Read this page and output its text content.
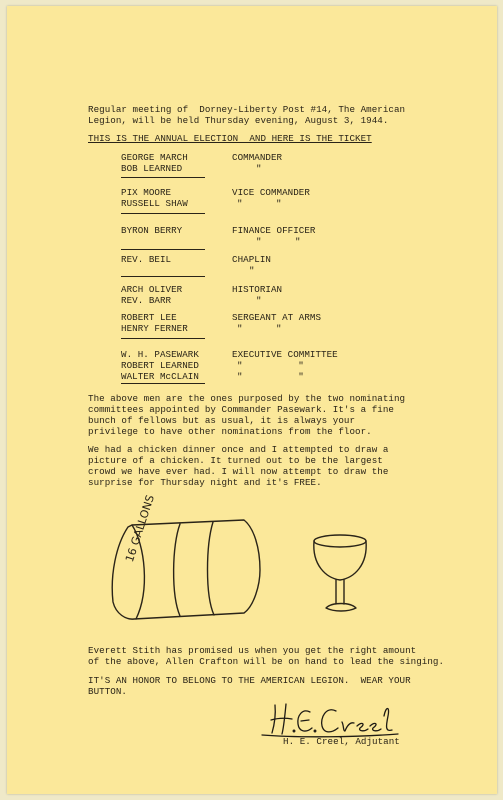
Regular meeting of  Dorney-Liberty Post #14, The American
Legion, will be held Thursday evening, August 3, 1944.
THIS IS THE ANNUAL ELECTION  AND HERE IS THE TICKET
GEORGE MARCH
BOB LEARNED
COMMANDER
"
PIX MOORE
RUSSELL SHAW
VICE COMMANDER
"      "
BYRON BERRY	FINANCE OFFICER
"      "
REV. BEIL	CHAPLIN
"
ARCH OLIVER
REV. BARR
HISTORIAN
"
ROBERT LEE
HENRY FERNER
SERGEANT AT ARMS
"      "
W. H. PASEWARK
ROBERT LEARNED
WALTER McCLAIN
EXECUTIVE COMMITTEE
"          "
"          "
The above men are the ones purposed by the two nominating committees appointed by Commander Pasewark. It's a fine bunch of fellows but as usual, it is always your privilege to have other nominations from the floor.
We had a chicken dinner once and I attempted to draw a picture of a chicken. It turned out to be the largest crowd we have ever had. I will now attempt to draw the surprise for Thursday night and it's FREE.
16 GALLONS
Everett Stith has promised us when you get the right amount
of the above, Allen Crafton will be on hand to lead the singing.
IT'S AN HONOR TO BELONG TO THE AMERICAN LEGION.  WEAR YOUR
BUTTON.
H. E. Creel, Adjutant
